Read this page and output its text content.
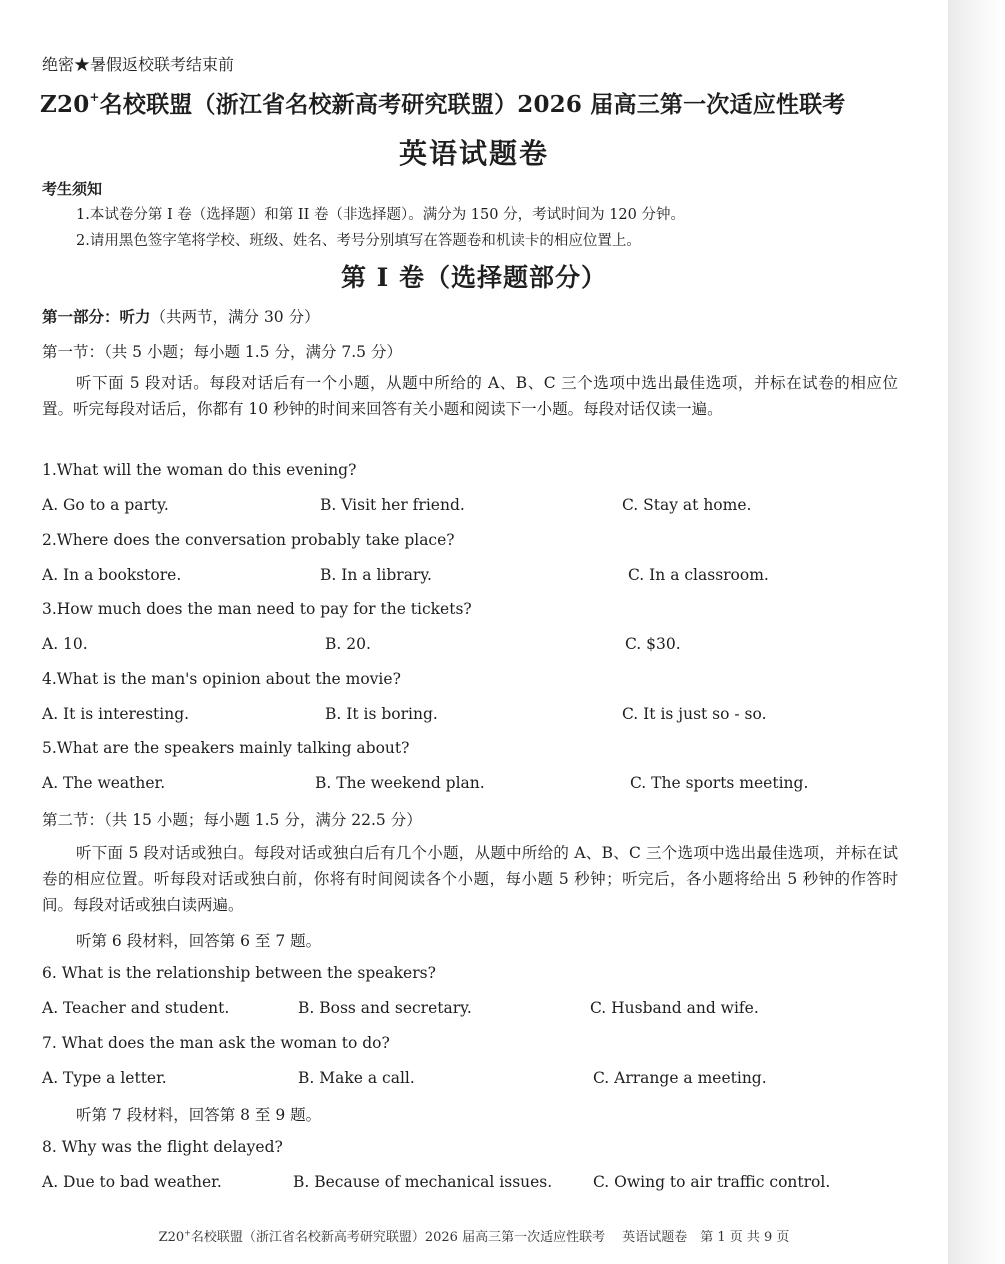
绝密★暑假返校联考结束前
Z20+名校联盟（浙江省名校新高考研究联盟）2026 届高三第一次适应性联考
英语试题卷
考生须知
1.本试卷分第 I 卷（选择题）和第 II 卷（非选择题）。满分为 150 分，考试时间为 120 分钟。
2.请用黑色签字笔将学校、班级、姓名、考号分别填写在答题卷和机读卡的相应位置上。
第 I 卷（选择题部分）
第一部分：听力（共两节，满分 30 分）
第一节：（共 5 小题；每小题 1.5 分，满分 7.5 分）
听下面 5 段对话。每段对话后有一个小题，从题中所给的 A、B、C 三个选项中选出最佳选项，并标在试卷的相应位置。听完每段对话后，你都有 10 秒钟的时间来回答有关小题和阅读下一小题。每段对话仅读一遍。
1.What will the woman do this evening?
A. Go to a party.	B. Visit her friend.	C. Stay at home.
2.Where does the conversation probably take place?
A. In a bookstore.	B. In a library.	C. In a classroom.
3.How much does the man need to pay for the tickets?
A. 10.	B. 20.	C. $30.
4.What is the man's opinion about the movie?
A. It is interesting.	B. It is boring.	C. It is just so - so.
5.What are the speakers mainly talking about?
A. The weather.	B. The weekend plan.	C. The sports meeting.
第二节：（共 15 小题；每小题 1.5 分，满分 22.5 分）
听下面 5 段对话或独白。每段对话或独白后有几个小题，从题中所给的 A、B、C 三个选项中选出最佳选项，并标在试卷的相应位置。听每段对话或独白前，你将有时间阅读各个小题，每小题 5 秒钟；听完后，各小题将给出 5 秒钟的作答时间。每段对话或独白读两遍。
听第 6 段材料，回答第 6 至 7 题。
6. What is the relationship between the speakers?
A. Teacher and student.	B. Boss and secretary.	C. Husband and wife.
7. What does the man ask the woman to do?
A. Type a letter.	B. Make a call.	C. Arrange a meeting.
听第 7 段材料，回答第 8 至 9 题。
8. Why was the flight delayed?
A. Due to bad weather.	B. Because of mechanical issues.	C. Owing to air traffic control.
Z20+名校联盟（浙江省名校新高考研究联盟）2026 届高三第一次适应性联考　 英语试题卷　第 1 页 共 9 页
